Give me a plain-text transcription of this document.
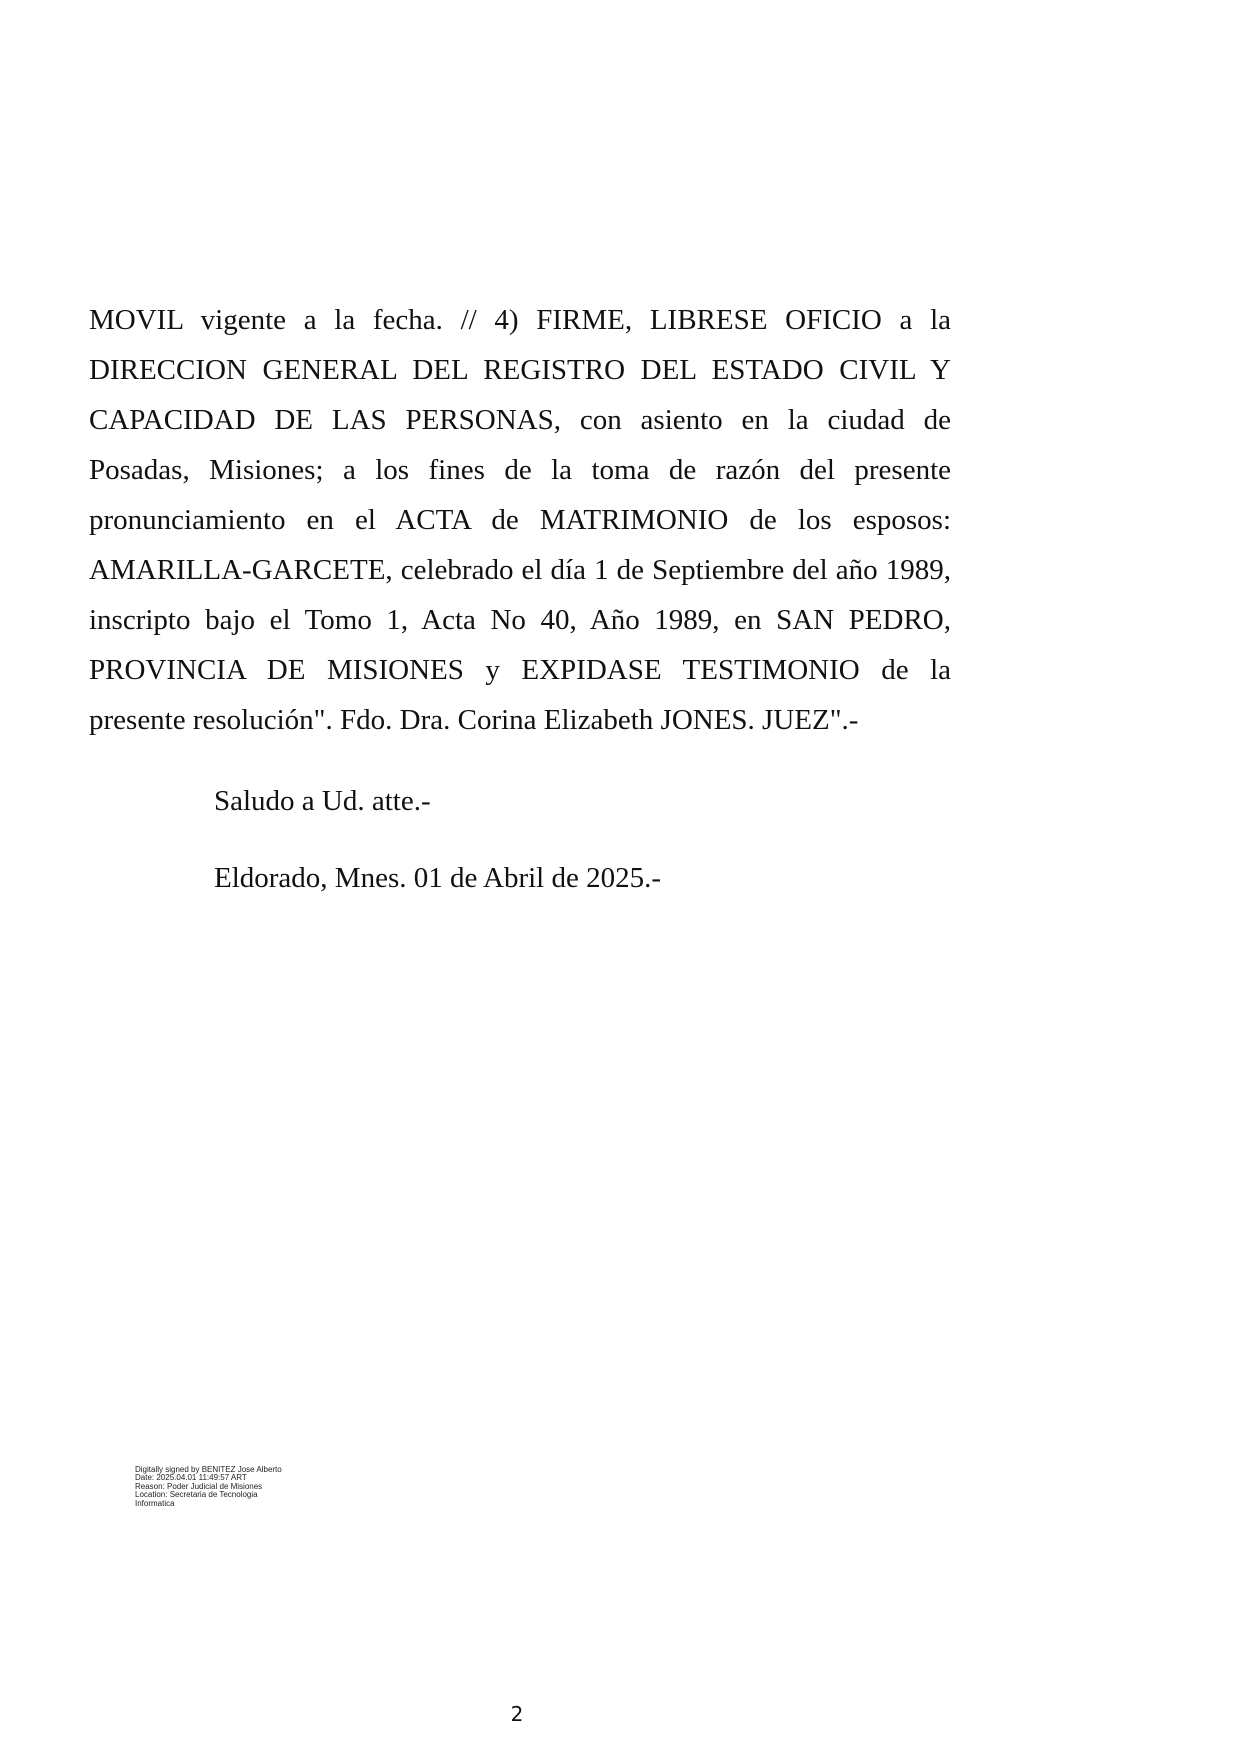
MOVIL vigente a la fecha. // 4) FIRME, LIBRESE OFICIO a la
DIRECCION GENERAL DEL REGISTRO DEL ESTADO CIVIL Y
CAPACIDAD DE LAS PERSONAS, con asiento en la ciudad de
Posadas, Misiones; a los fines de la toma de razón del presente
pronunciamiento en el ACTA de MATRIMONIO de los esposos:
AMARILLA-GARCETE, celebrado el día 1 de Septiembre del año 1989,
inscripto bajo el Tomo 1, Acta No 40, Año 1989, en SAN PEDRO,
PROVINCIA DE MISIONES y EXPIDASE TESTIMONIO de la
presente resolución". Fdo. Dra. Corina Elizabeth JONES. JUEZ".-
Saludo a Ud. atte.-
Eldorado, Mnes. 01 de Abril de 2025.-
Digitally signed by BENITEZ Jose Alberto
Date: 2025.04.01 11:49:57 ART
Reason: Poder Judicial de Misiones
Location: Secretaria de Tecnologia
Informatica
2
